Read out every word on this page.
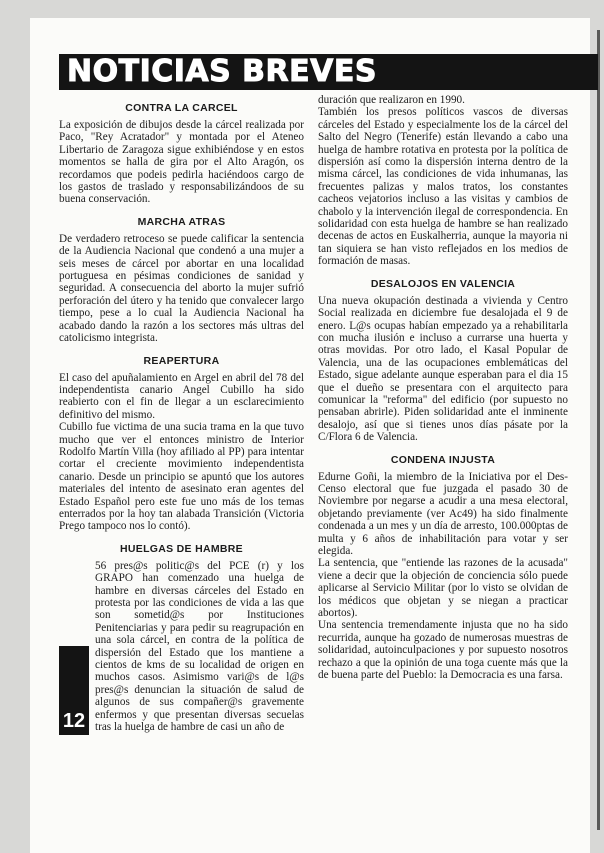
NOTICIAS BREVES
CONTRA LA CARCEL

La exposición de dibujos desde la cárcel realizada por Paco, "Rey Acratador" y montada por el Ateneo Libertario de Zaragoza sigue exhibiéndose y en estos momentos se halla de gira por el Alto Aragón, os recordamos que podeis pedirla haciéndoos cargo de los gastos de traslado y responsabilizándoos de su buena conservación.

MARCHA ATRAS

De verdadero retroceso se puede calificar la sentencia de la Audiencia Nacional que condenó a una mujer a seis meses de cárcel por abortar en una localidad portuguesa en pésimas condiciones de sanidad y seguridad. A consecuencia del aborto la mujer sufrió perforación del útero y ha tenido que convalecer largo tiempo, pese a lo cual la Audiencia Nacional ha acabado dando la razón a los sectores más ultras del catolicismo integrista.

REAPERTURA

El caso del apuñalamiento en Argel en abril del 78 del independentista canario Angel Cubillo ha sido reabierto con el fin de llegar a un esclarecimiento definitivo del mismo.

Cubillo fue victima de una sucia trama en la que tuvo mucho que ver el entonces ministro de Interior Rodolfo Martín Villa (hoy afiliado al PP) para intentar cortar el creciente movimiento independentista canario. Desde un principio se apuntó que los autores materiales del intento de asesinato eran agentes del Estado Español pero este fue uno más de los temas enterrados por la hoy tan alabada Transición (Victoria Prego tampoco nos lo contó).

HUELGAS DE HAMBRE

12
56 pres@s politic@s del PCE (r) y los GRAPO han comenzado una huelga de hambre en diversas cárceles del Estado en protesta por las condiciones de vida a las que son sometid@s por Instituciones Penitenciarias y para pedir su reagrupación en una sola cárcel, en contra de la política de dispersión del Estado que los mantiene a cientos de kms de su localidad de origen en muchos casos. Asimismo vari@s de l@s pres@s denuncian la situación de salud de algunos de sus compañer@s gravemente enfermos y que presentan diversas secuelas tras la huelga de hambre de casi un año de

duración que realizaron en 1990.

También los presos políticos vascos de diversas cárceles del Estado y especialmente los de la cárcel del Salto del Negro (Tenerife) están llevando a cabo una huelga de hambre rotativa en protesta por la política de dispersión así como la dispersión interna dentro de la misma cárcel, las condiciones de vida inhumanas, las frecuentes palizas y malos tratos, los constantes cacheos vejatorios incluso a las visitas y cambios de chabolo y la intervención ilegal de correspondencia. En solidaridad con esta huelga de hambre se han realizado decenas de actos en Euskalherria, aunque la mayoria ni tan siquiera se han visto reflejados en los medios de formación de masas.

DESALOJOS EN VALENCIA

Una nueva okupación destinada a vivienda y Centro Social realizada en diciembre fue desalojada el 9 de enero. L@s ocupas habían empezado ya a rehabilitarla con mucha ilusión e incluso a currarse una huerta y otras movidas. Por otro lado, el Kasal Popular de Valencia, una de las ocupaciones emblemáticas del Estado, sigue adelante aunque esperaban para el dia 15 que el dueño se presentara con el arquitecto para comunicar la "reforma" del edificio (por supuesto no pensaban abrirle). Piden solidaridad ante el inminente desalojo, así que si tienes unos días pásate por la C/Flora 6 de Valencia.

CONDENA INJUSTA

Edurne Goñi, la miembro de la Iniciativa por el Des-Censo electoral que fue juzgada el pasado 30 de Noviembre por negarse a acudir a una mesa electoral, objetando previamente (ver Ac49) ha sido finalmente condenada a un mes y un día de arresto, 100.000ptas de multa y 6 años de inhabilitación para votar y ser elegida.

La sentencia, que "entiende las razones de la acusada" viene a decir que la objeción de conciencia sólo puede aplicarse al Servicio Militar (por lo visto se olvidan de los médicos que objetan y se niegan a practicar abortos).

Una sentencia tremendamente injusta que no ha sido recurrida, aunque ha gozado de numerosas muestras de solidaridad, autoinculpaciones y por supuesto nosotros rechazo a que la opinión de una toga cuente más que la de buena parte del Pueblo: la Democracia es una farsa.
